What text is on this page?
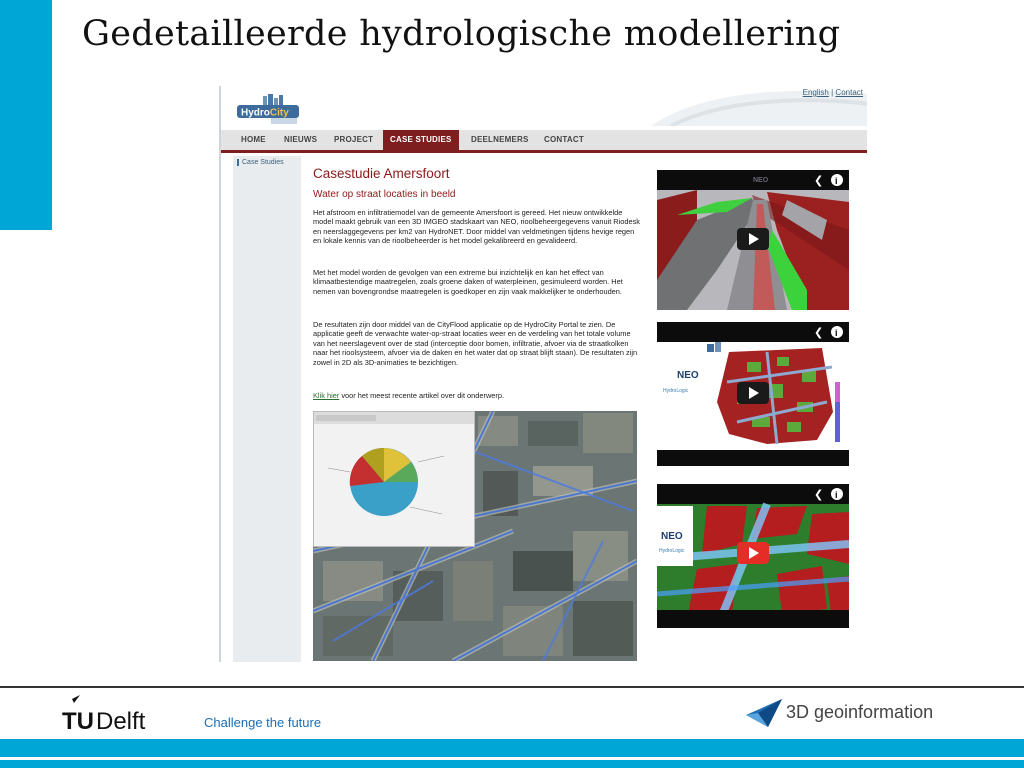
Gedetailleerde hydrologische modellering
HydroCity
English | Contact
HOME NIEUWS PROJECT	CASE STUDIES	DEELNEMERS CONTACT
Case Studies
Casestudie Amersfoort
Water op straat locaties in beeld
Het afstroom en infiltratiemodel van de gemeente Amersfoort is gereed. Het nieuw ontwikkelde model maakt gebruik van een 3D IMGEO stadskaart van NEO, rioolbeheergegevens vanuit Riodesk en neerslaggegevens per km2 van HydroNET. Door middel van veldmetingen tijdens hevige regen en lokale kennis van de rioolbeheerder is het model gekalibreerd en gevalideerd.
Met het model worden de gevolgen van een extreme bui inzichtelijk en kan het effect van klimaatbestendige maatregelen, zoals groene daken of waterpleinen, gesimuleerd worden. Het nemen van bovengrondse maatregelen is goedkoper en zijn vaak makkelijker te onderhouden.
De resultaten zijn door middel van de CityFlood applicatie op de HydroCity Portal te zien. De applicatie geeft de verwachte water-op-straat locaties weer en de verdeling van het totale volume van het neerslagevent over de stad (interceptie door bomen, infiltratie, afvoer via de straatkolken naar het rioolsysteem, afvoer via de daken en het water dat op straat blijft staan). De resultaten zijn zowel in 2D als 3D-animaties te bezichtigen.
Klik hier voor het meest recente artikel over dit onderwerp.
NEO	❮ i
NEO
HydroLogic
❮ i
NEO
HydroLogic
❮ i
TU Delft	Challenge the future
3D geoinformation
